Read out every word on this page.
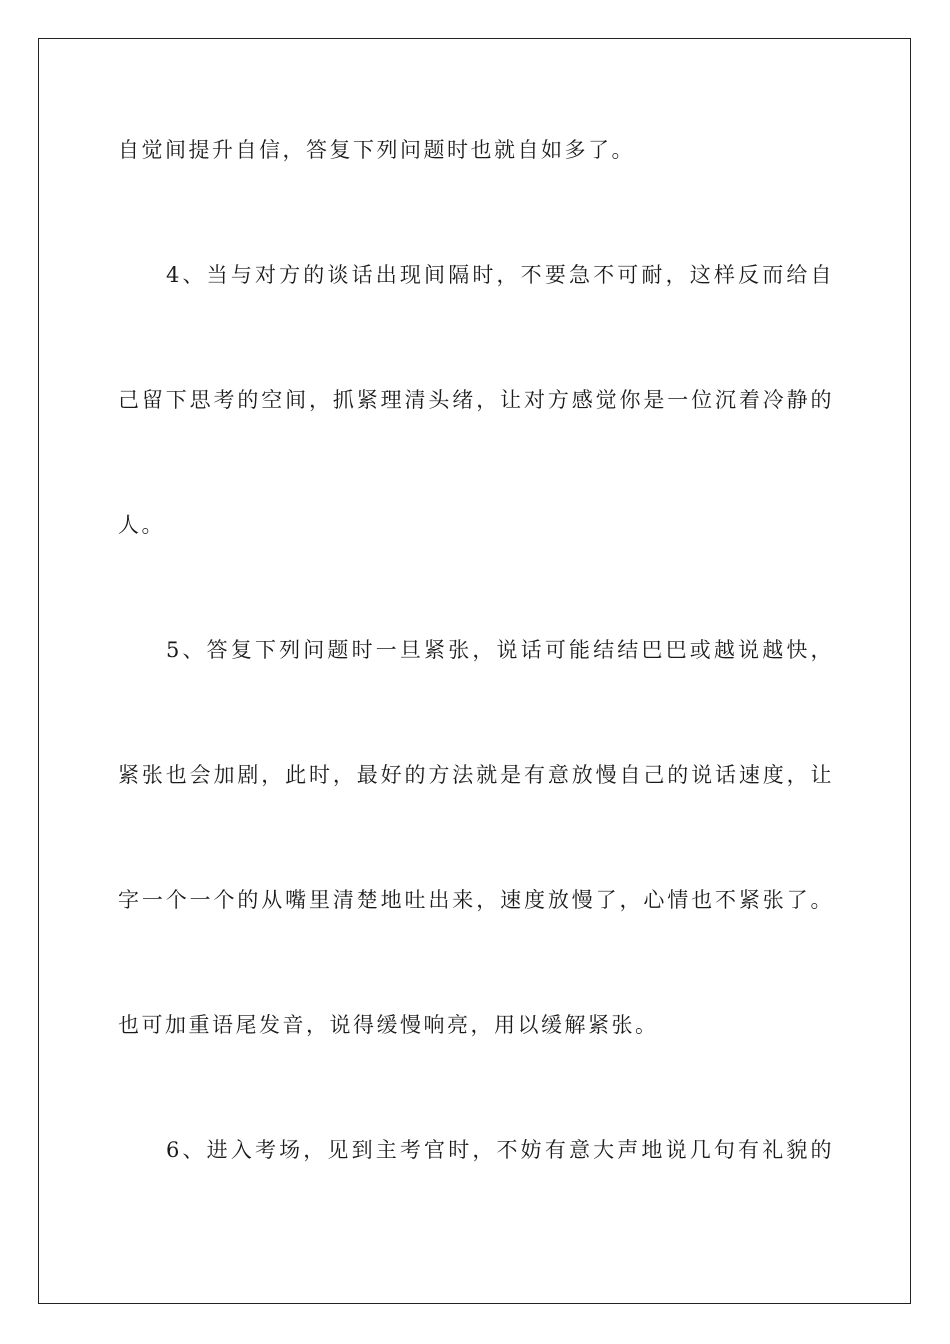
自觉间提升自信，答复下列问题时也就自如多了。
4、当与对方的谈话出现间隔时，不要急不可耐，这样反而给自
己留下思考的空间，抓紧理清头绪，让对方感觉你是一位沉着冷静的
人。
5、答复下列问题时一旦紧张，说话可能结结巴巴或越说越快，
紧张也会加剧，此时，最好的方法就是有意放慢自己的说话速度，让
字一个一个的从嘴里清楚地吐出来，速度放慢了，心情也不紧张了。
也可加重语尾发音，说得缓慢响亮，用以缓解紧张。
6、进入考场，见到主考官时，不妨有意大声地说几句有礼貌的
